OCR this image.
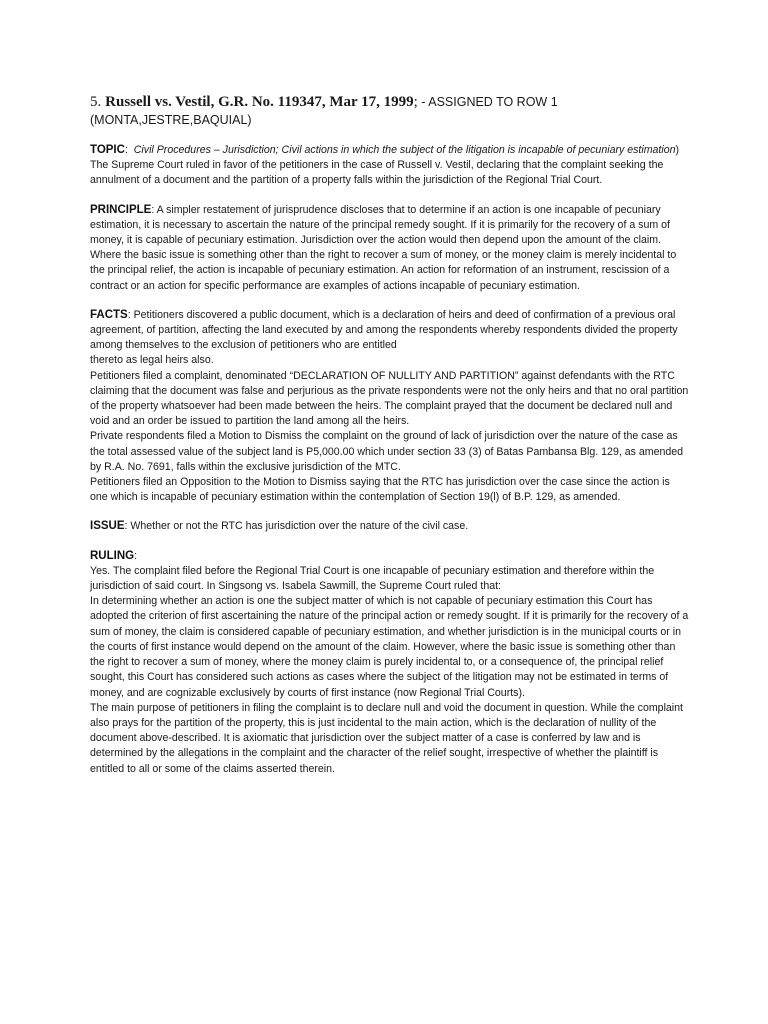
5. Russell vs. Vestil, G.R. No. 119347, Mar 17, 1999; - ASSIGNED TO ROW 1

(MONTA,JESTRE,BAQUIAL)

TOPIC: Civil Procedures – Jurisdiction; Civil actions in which the subject of the litigation is incapable of pecuniary estimation) The Supreme Court ruled in favor of the petitioners in the case of Russell v. Vestil, declaring that the complaint seeking the annulment of a document and the partition of a property falls within the jurisdiction of the Regional Trial Court.

PRINCIPLE: A simpler restatement of jurisprudence discloses that to determine if an action is one incapable of pecuniary estimation, it is necessary to ascertain the nature of the principal remedy sought. If it is primarily for the recovery of a sum of money, it is capable of pecuniary estimation. Jurisdiction over the action would then depend upon the amount of the claim. Where the basic issue is something other than the right to recover a sum of money, or the money claim is merely incidental to the principal relief, the action is incapable of pecuniary estimation. An action for reformation of an instrument, rescission of a contract or an action for specific performance are examples of actions incapable of pecuniary estimation.

FACTS: Petitioners discovered a public document, which is a declaration of heirs and deed of confirmation of a previous oral agreement, of partition, affecting the land executed by and among the respondents whereby respondents divided the property among themselves to the exclusion of petitioners who are entitled

thereto as legal heirs also.

Petitioners filed a complaint, denominated “DECLARATION OF NULLITY AND PARTITION” against defendants with the RTC claiming that the document was false and perjurious as the private respondents were not the only heirs and that no oral partition of the property whatsoever had been made between the heirs. The complaint prayed that the document be declared null and void and an order be issued to partition the land among all the heirs.

Private respondents filed a Motion to Dismiss the complaint on the ground of lack of jurisdiction over the nature of the case as the total assessed value of the subject land is P5,000.00 which under section 33 (3) of Batas Pambansa Blg. 129, as amended by R.A. No. 7691, falls within the exclusive jurisdiction of the MTC.

Petitioners filed an Opposition to the Motion to Dismiss saying that the RTC has jurisdiction over the case since the action is one which is incapable of pecuniary estimation within the contemplation of Section 19(l) of B.P. 129, as amended.

ISSUE: Whether or not the RTC has jurisdiction over the nature of the civil case.

RULING:

Yes. The complaint filed before the Regional Trial Court is one incapable of pecuniary estimation and therefore within the jurisdiction of said court. In Singsong vs. Isabela Sawmill, the Supreme Court ruled that:

In determining whether an action is one the subject matter of which is not capable of pecuniary estimation this Court has adopted the criterion of first ascertaining the nature of the principal action or remedy sought. If it is primarily for the recovery of a sum of money, the claim is considered capable of pecuniary estimation, and whether jurisdiction is in the municipal courts or in the courts of first instance would depend on the amount of the claim. However, where the basic issue is something other than the right to recover a sum of money, where the money claim is purely incidental to, or a consequence of, the principal relief sought, this Court has considered such actions as cases where the subject of the litigation may not be estimated in terms of money, and are cognizable exclusively by courts of first instance (now Regional Trial Courts).

The main purpose of petitioners in filing the complaint is to declare null and void the document in question. While the complaint also prays for the partition of the property, this is just incidental to the main action, which is the declaration of nullity of the document above-described. It is axiomatic that jurisdiction over the subject matter of a case is conferred by law and is determined by the allegations in the complaint and the character of the relief sought, irrespective of whether the plaintiff is entitled to all or some of the claims asserted therein.
